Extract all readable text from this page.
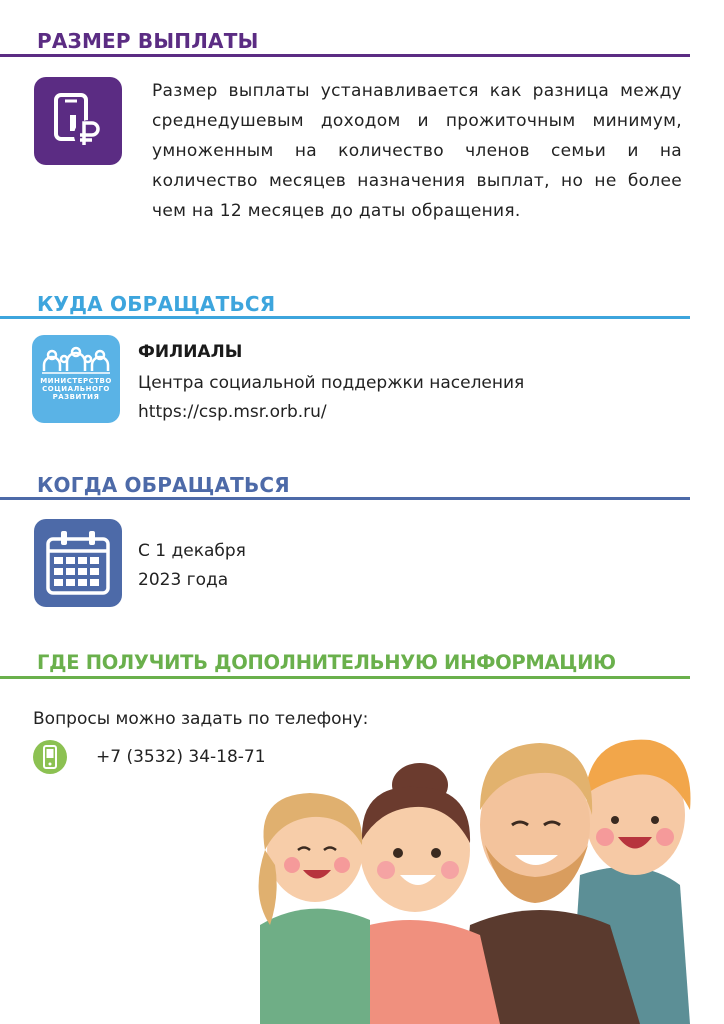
РАЗМЕР ВЫПЛАТЫ
Размер выплаты устанавливается как разница между среднедушевым доходом и прожиточным минимум, умноженным на количество членов семьи и на количество месяцев назначения выплат, но не более чем на 12 месяцев до даты обращения.
КУДА ОБРАЩАТЬСЯ
МИНИСТЕРСТВО СОЦИАЛЬНОГО РАЗВИТИЯ
ФИЛИАЛЫ
Центра социальной поддержки населения
https://csp.msr.orb.ru/
КОГДА ОБРАЩАТЬСЯ
С 1 декабря
2023 года
ГДЕ ПОЛУЧИТЬ ДОПОЛНИТЕЛЬНУЮ ИНФОРМАЦИЮ
Вопросы можно задать по телефону:
+7 (3532) 34-18-71
